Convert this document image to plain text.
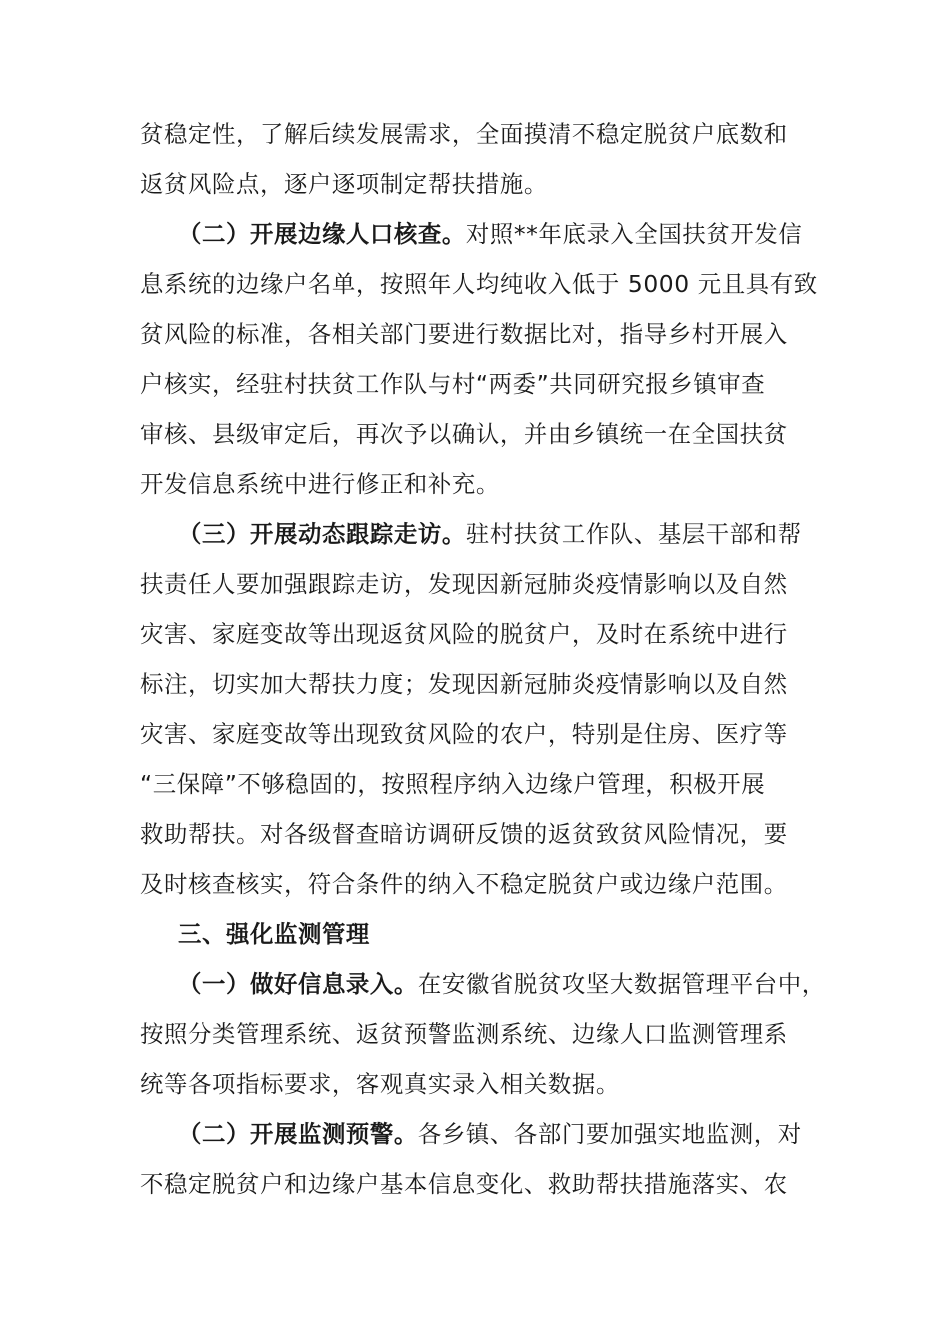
贫稳定性，了解后续发展需求，全面摸清不稳定脱贫户底数和
返贫风险点，逐户逐项制定帮扶措施。
（二）开展边缘人口核查。对照**年底录入全国扶贫开发信
息系统的边缘户名单，按照年人均纯收入低于 5000 元且具有致
贫风险的标准，各相关部门要进行数据比对，指导乡村开展入
户核实，经驻村扶贫工作队与村“两委”共同研究报乡镇审查
审核、县级审定后，再次予以确认，并由乡镇统一在全国扶贫
开发信息系统中进行修正和补充。
（三）开展动态跟踪走访。驻村扶贫工作队、基层干部和帮
扶责任人要加强跟踪走访，发现因新冠肺炎疫情影响以及自然
灾害、家庭变故等出现返贫风险的脱贫户，及时在系统中进行
标注，切实加大帮扶力度；发现因新冠肺炎疫情影响以及自然
灾害、家庭变故等出现致贫风险的农户，特别是住房、医疗等
“三保障”不够稳固的，按照程序纳入边缘户管理，积极开展
救助帮扶。对各级督查暗访调研反馈的返贫致贫风险情况，要
及时核查核实，符合条件的纳入不稳定脱贫户或边缘户范围。
三、强化监测管理
（一）做好信息录入。在安徽省脱贫攻坚大数据管理平台中，
按照分类管理系统、返贫预警监测系统、边缘人口监测管理系
统等各项指标要求，客观真实录入相关数据。
（二）开展监测预警。各乡镇、各部门要加强实地监测，对
不稳定脱贫户和边缘户基本信息变化、救助帮扶措施落实、农
